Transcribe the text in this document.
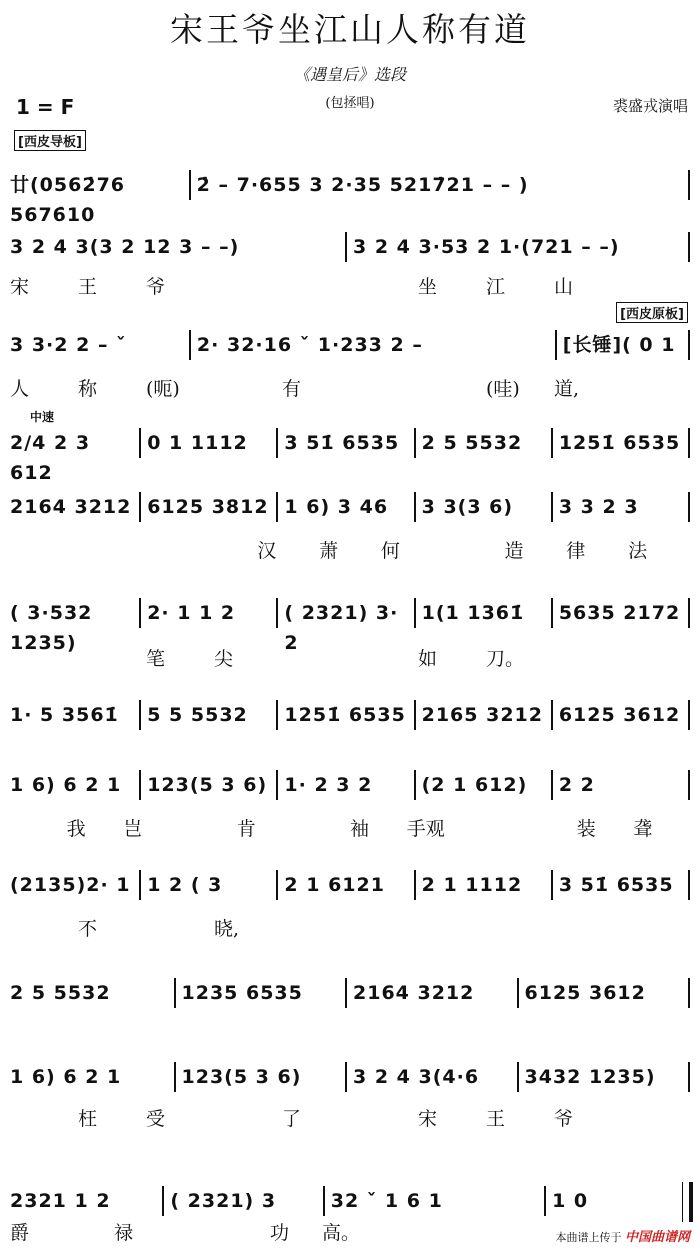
宋王爷坐江山人称有道
《遇皇后》选段
(包拯唱)
1 = F	裘盛戎演唱
[西皮导板]
[西皮原板]
中速
廿(0562̇76 5676̇10
2̇ – 7·655 3 2·35 5217̇21 – – )
3 2 4 3(3 2 12 3 – –)	3 2 4 3·53 2 1·(721 – –)
宋	王	爷	坐	江	山
3 3·2 2 – ˇ	2· 32·16 ˇ 1·233 2 –	[长锤]( 0 1
人	称	(呃)	有	(哇)	道,
2/4 2 3 612
0 1 1112	3 51̇ 6535	2 5 5532	1251̇ 6535
2164 3212 6125 3812 1 6) 3 46	3 3(3 6)	3 3 2 3
汉	萧	何	造	律	法
( 3·532 1235)
2· 1 1 2	( 2321) 3· 2
1(1 1361̇	5635 2172
笔	尖	如	刀。
1· 5 3561̇	5 5 5532	1251̇ 6535 2165 3212 6125 3612
1 6) 6 2 1	123(5 3 6) 1· 2 3 2	(2 1 612)	2 2
我	岂	肯	袖	手观	装	聋
(2135)2· 1 1 2 ( 3	2 1 6121	2 1 1112	3 51̇ 6535
不	晓,
2 5 5532	1235 6535	2164 3212	6125 3612
1 6) 6 2 1	123(5 3 6)	3 2 4 3(4·6	3432 1235)
枉	受	了	宋	王	爷
2321 1 2	( 2321) 3	32 ˇ 1 6 1	1 0
爵	禄	功	高。	本曲谱上传于 中国曲谱网
